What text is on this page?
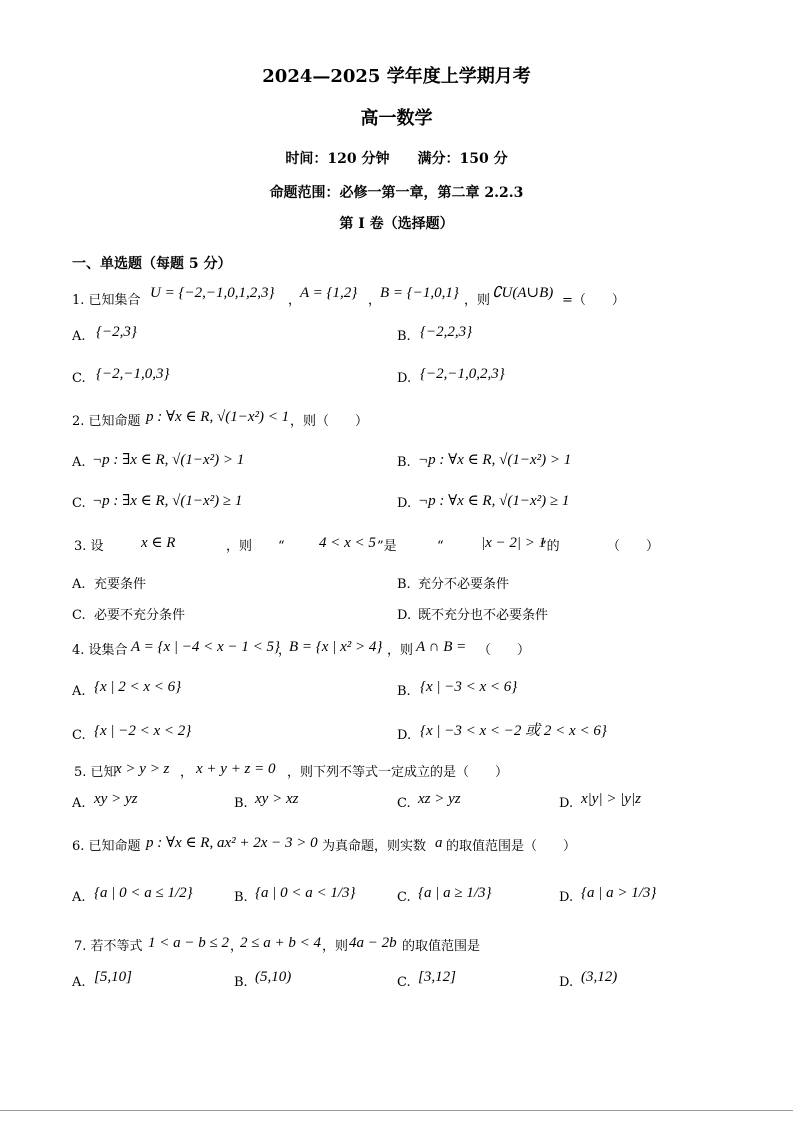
2024—2025 学年度上学期月考
高一数学
时间：120 分钟　　满分：150 分
命题范围：必修一第一章，第二章 2.2.3
第 I 卷（选择题）
一、单选题（每题 5 分）
1. 已知集合 U = {−2,−1,0,1,2,3} ，
A = {1,2} ，
B = {−1,0,1} ，则 ∁U(A∪B) =（　　）
A. {−2,3}	B. {−2,2,3}
C. {−2,−1,0,3}	D. {−2,−1,0,2,3}
2. 已知命题 p : ∀x ∈ R, √(1−x²) < 1 ，则（　　）
A. ¬p : ∃x ∈ R, √(1−x²) > 1	B. ¬p : ∀x ∈ R, √(1−x²) > 1
C. ¬p : ∃x ∈ R, √(1−x²) ≥ 1	D. ¬p : ∀x ∈ R, √(1−x²) ≥ 1
3. 设 x ∈ R	，则 “ 4 < x < 5 ”是	“ |x − 2| > 1
”的	（　　）
A. 充要条件	B. 充分不必要条件
C. 必要不充分条件	D. 既不充分也不必要条件
4. 设集合 A = {x | −4 < x − 1 < 5}
，
B = {x | x² > 4} ，则 A ∩ B = （　　）
A. {x | 2 < x < 6}	B. {x | −3 < x < 6}
C. {x | −2 < x < 2}	D. {x | −3 < x < −2 或 2 < x < 6}
5. 已知
x > y > z ， x + y + z = 0 ，则下列不等式一定成立的是（　　）
A. xy > yz	B. xy > xz	C. xz > yz	D. x|y| > |y|z
6. 已知命题 p : ∀x ∈ R, ax² + 2x − 3 > 0 为真命题，则实数 a 的取值范围是（　　）
A. {a | 0 < a ≤ 1/2}	B. {a | 0 < a < 1/3}	C. {a | a ≥ 1/3}	D. {a | a > 1/3}
7. 若不等式 1 < a − b ≤ 2 ，
2 ≤ a + b < 4 ，则 4a − 2b 的取值范围是
A. [5,10]	B. (5,10)	C. [3,12]	D. (3,12)
